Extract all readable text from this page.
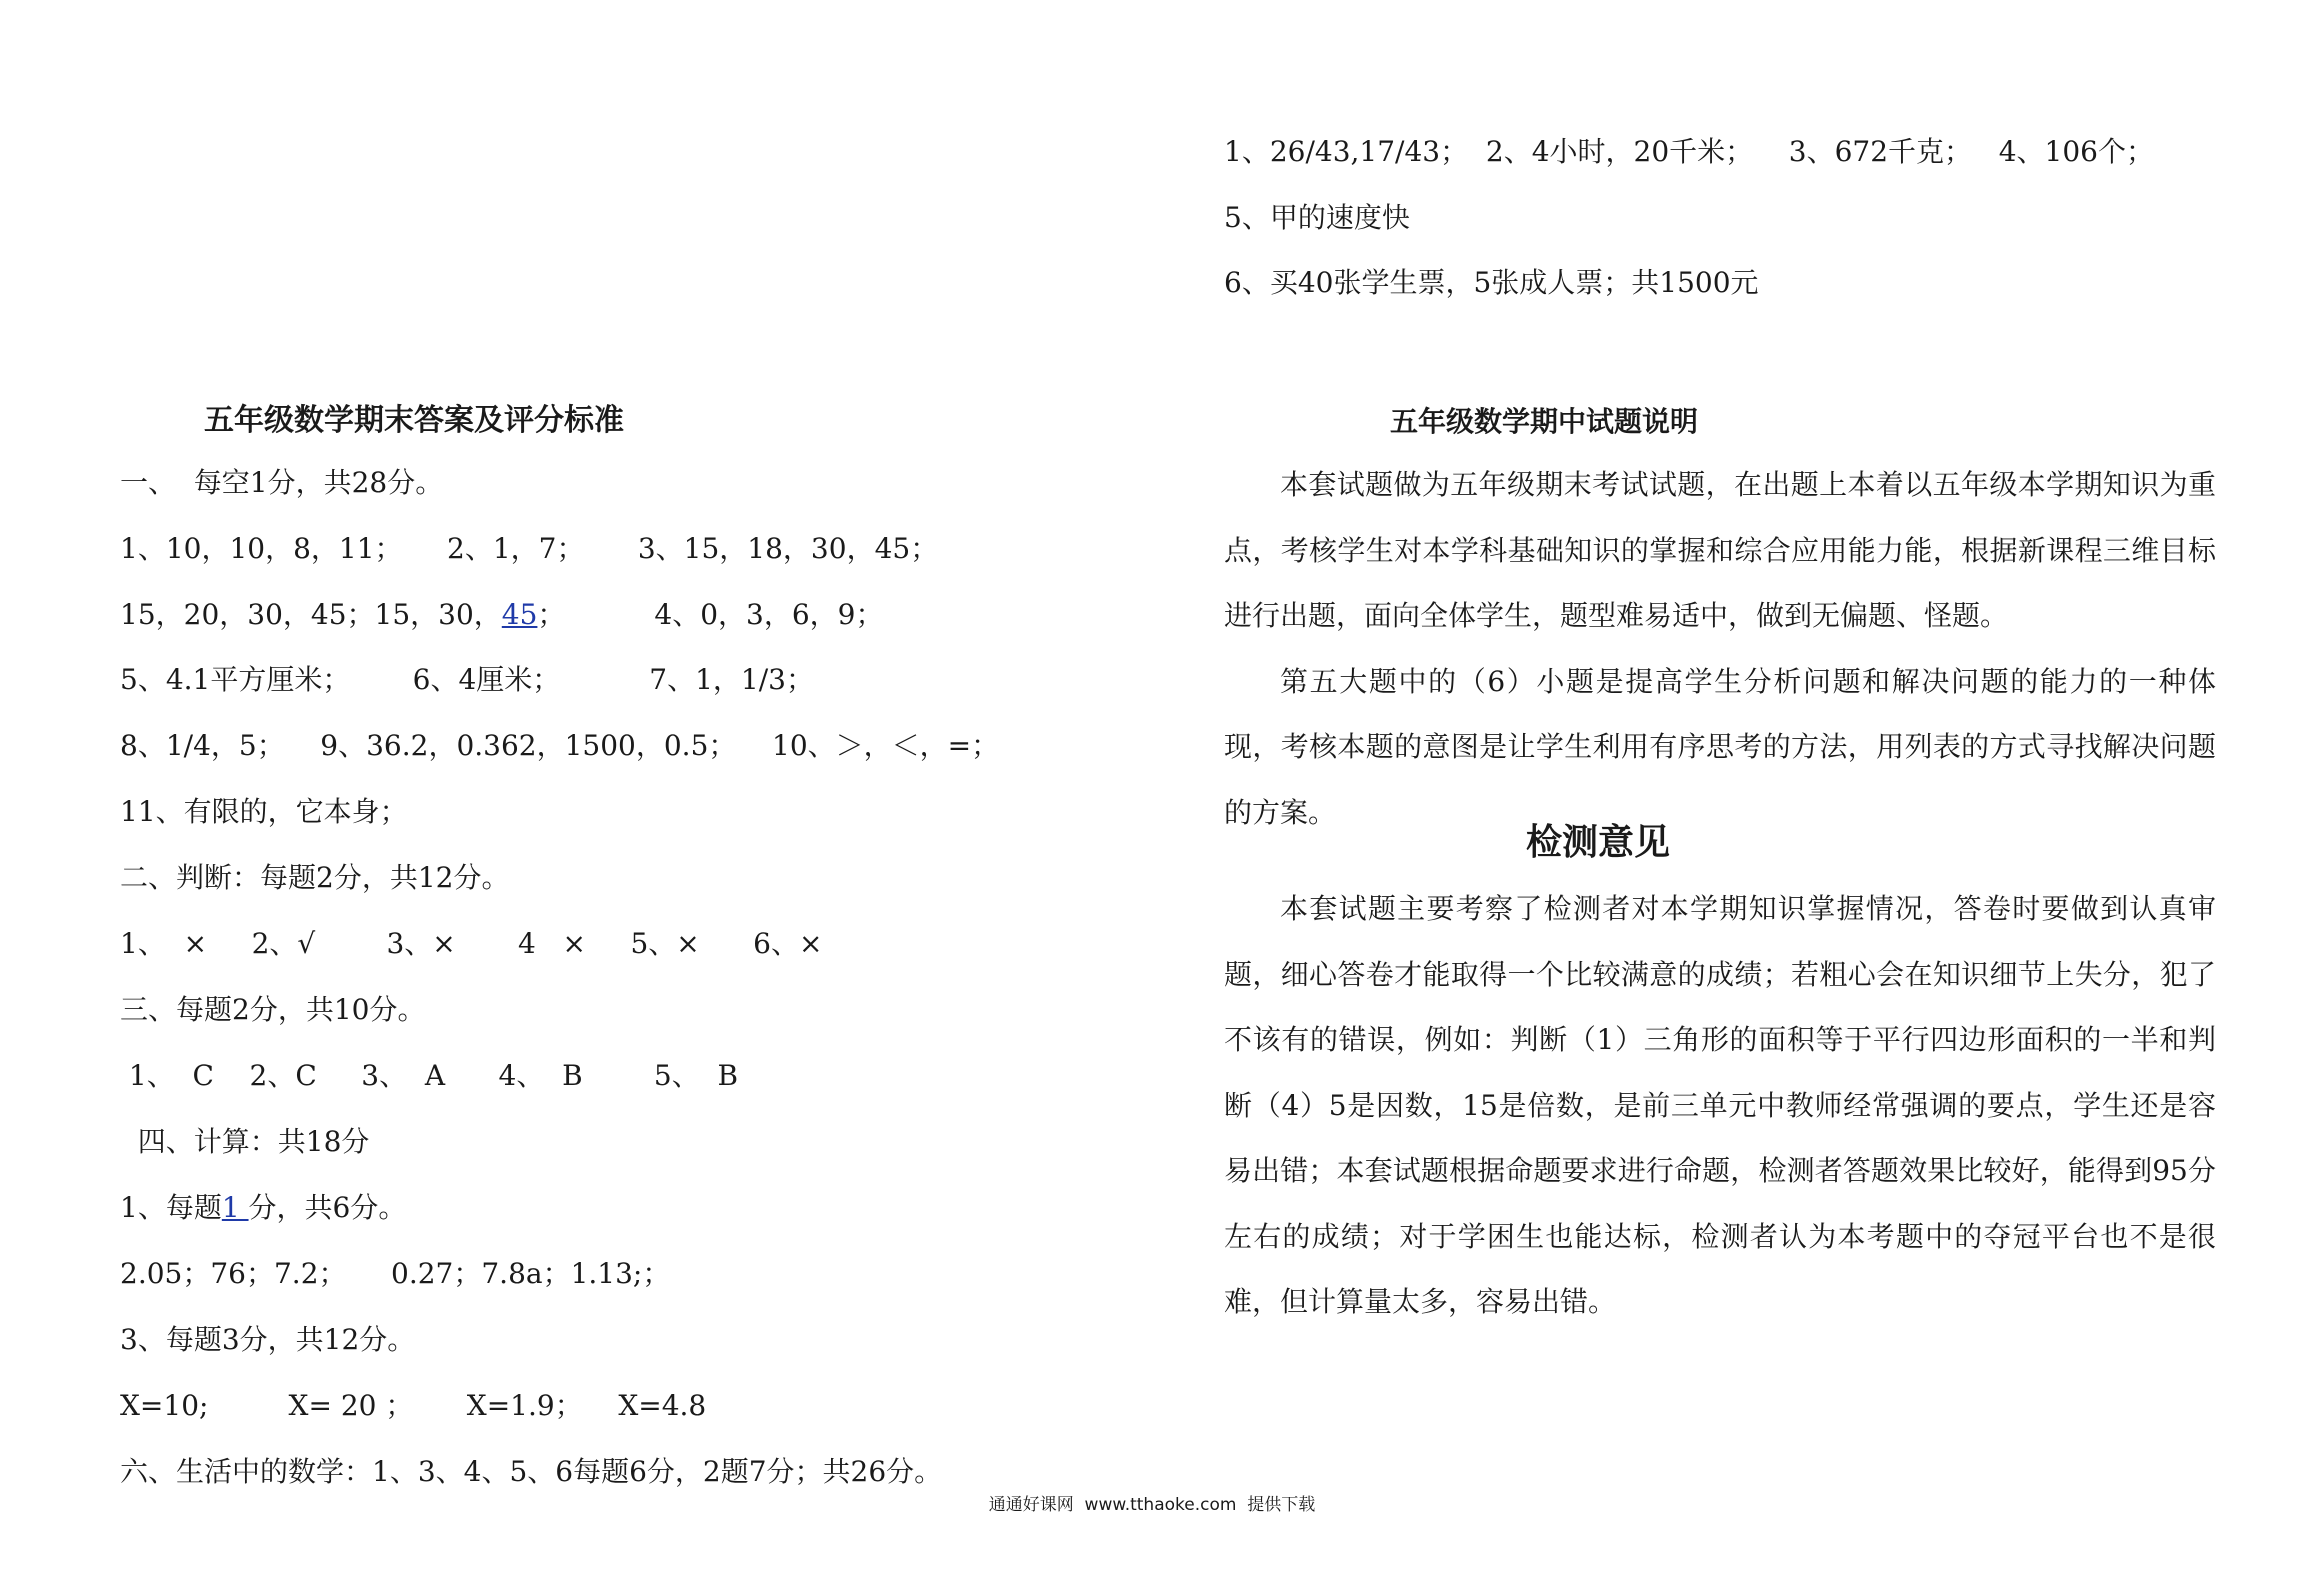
1、26/43,17/43；  2、4小时，20千米；    3、672千克；   4、106个；
5、甲的速度快
6、买40张学生票，5张成人票；共1500元
五年级数学期末答案及评分标准
一、  每空1分，共28分。
1、10，10，8，11；     2、1，7；      3、15，18，30，45；
15，20，30，45；15，30，45；          4、0，3，6，9；
5、4.1平方厘米；       6、4厘米；          7、1，1/3；
8、1/4，5；    9、36.2，0.362，1500，0.5；    10、＞，＜，=；
11、有限的，它本身；
二、判断：每题2分，共12分。
1、  ×     2、√        3、×       4   ×     5、×      6、×
三、每题2分，共10分。
1、  C    2、C     3、  A      4、  B        5、  B
四、计算：共18分
1、每题1 分，共6分。
2.05；76；7.2；     0.27；7.8a；1.13;；
3、每题3分，共12分。
X=10;         X= 20 ；      X=1.9；    X=4.8
六、生活中的数学：1、3、4、5、6每题6分，2题7分；共26分。
五年级数学期中试题说明

本套试题做为五年级期末考试试题，在出题上本着以五年级本学期知识为重点，考核学生对本学科基础知识的掌握和综合应用能力能，根据新课程三维目标进行出题，面向全体学生，题型难易适中，做到无偏题、怪题。

第五大题中的（6）小题是提高学生分析问题和解决问题的能力的一种体现，考核本题的意图是让学生利用有序思考的方法，用列表的方式寻找解决问题的方案。

检测意见

本套试题主要考察了检测者对本学期知识掌握情况，答卷时要做到认真审题，细心答卷才能取得一个比较满意的成绩；若粗心会在知识细节上失分，犯了不该有的错误，例如：判断（1）三角形的面积等于平行四边形面积的一半和判断（4）5是因数，15是倍数，是前三单元中教师经常强调的要点，学生还是容易出错；本套试题根据命题要求进行命题，检测者答题效果比较好，能得到95分左右的成绩；对于学困生也能达标，检测者认为本考题中的夺冠平台也不是很难，但计算量太多，容易出错。

通通好课网  www.tthaoke.com  提供下载
